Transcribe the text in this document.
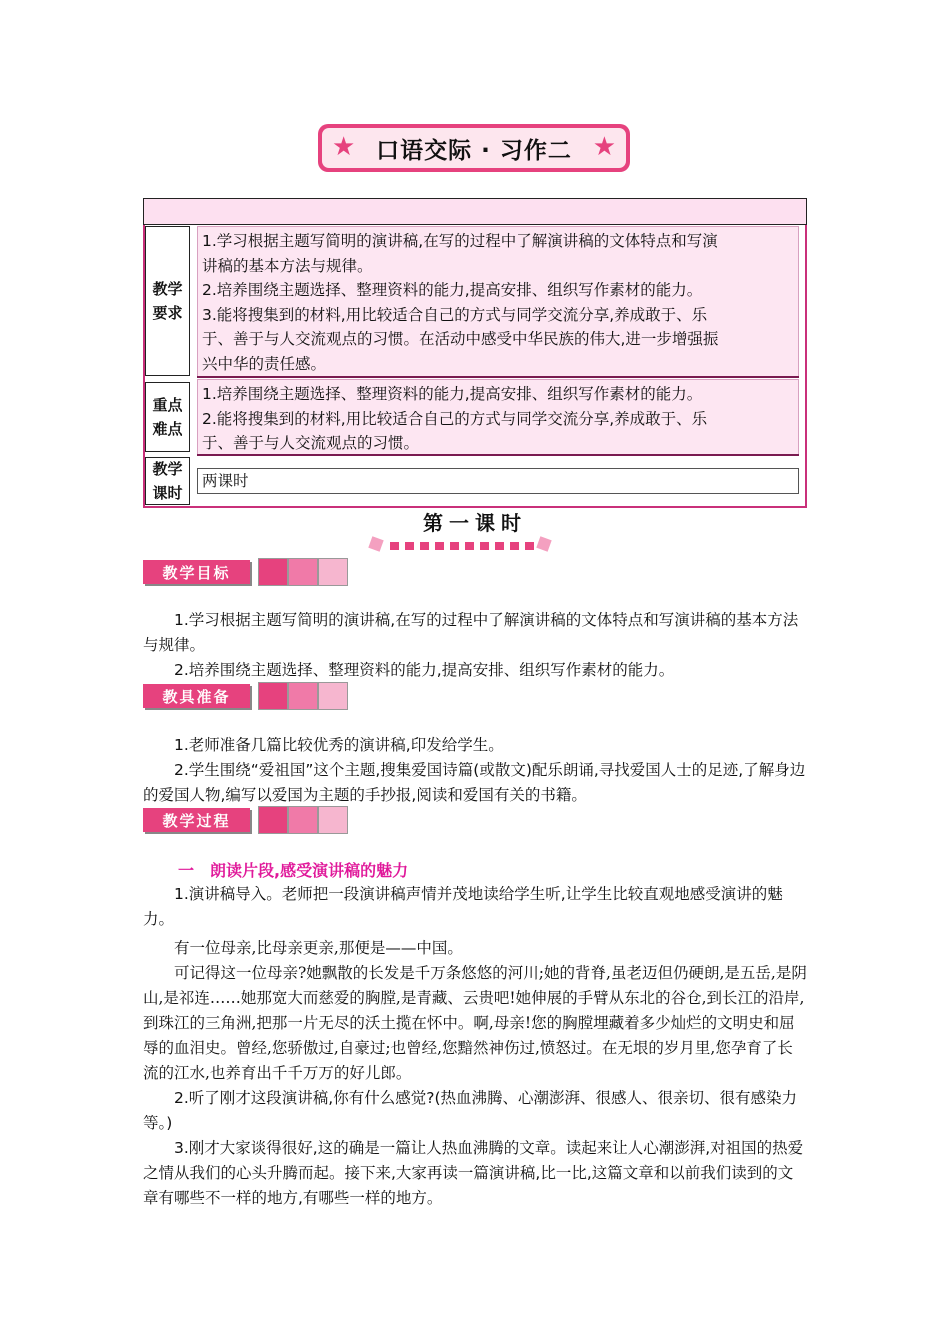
★ 口语交际 · 习作二 ★
教学
要求
1.学习根据主题写简明的演讲稿,在写的过程中了解演讲稿的文体特点和写演
讲稿的基本方法与规律。
2.培养围绕主题选择、整理资料的能力,提高安排、组织写作素材的能力。
3.能将搜集到的材料,用比较适合自己的方式与同学交流分享,养成敢于、乐
于、善于与人交流观点的习惯。在活动中感受中华民族的伟大,进一步增强振
兴中华的责任感。
重点
难点
1.培养围绕主题选择、整理资料的能力,提高安排、组织写作素材的能力。
2.能将搜集到的材料,用比较适合自己的方式与同学交流分享,养成敢于、乐
于、善于与人交流观点的习惯。
教学
课时
两课时
第一课时
教学目标

1.学习根据主题写简明的演讲稿,在写的过程中了解演讲稿的文体特点和写演讲稿的基本方法与规律。

2.培养围绕主题选择、整理资料的能力,提高安排、组织写作素材的能力。

教具准备

1.老师准备几篇比较优秀的演讲稿,印发给学生。

2.学生围绕“爱祖国”这个主题,搜集爱国诗篇(或散文)配乐朗诵,寻找爱国人士的足迹,了解身边的爱国人物,编写以爱国为主题的手抄报,阅读和爱国有关的书籍。

教学过程
一　朗读片段,感受演讲稿的魅力

1.演讲稿导入。老师把一段演讲稿声情并茂地读给学生听,让学生比较直观地感受演讲的魅力。

有一位母亲,比母亲更亲,那便是——中国。

可记得这一位母亲?她飘散的长发是千万条悠悠的河川;她的背脊,虽老迈但仍硬朗,是五岳,是阴山,是祁连……她那宽大而慈爱的胸膛,是青藏、云贵吧!她伸展的手臂从东北的谷仓,到长江的沿岸,到珠江的三角洲,把那一片无尽的沃土揽在怀中。啊,母亲!您的胸膛埋藏着多少灿烂的文明史和屈辱的血泪史。曾经,您骄傲过,自豪过;也曾经,您黯然神伤过,愤怒过。在无垠的岁月里,您孕育了长流的江水,也养育出千千万万的好儿郎。

2.听了刚才这段演讲稿,你有什么感觉?(热血沸腾、心潮澎湃、很感人、很亲切、很有感染力等。)

3.刚才大家谈得很好,这的确是一篇让人热血沸腾的文章。读起来让人心潮澎湃,对祖国的热爱之情从我们的心头升腾而起。接下来,大家再读一篇演讲稿,比一比,这篇文章和以前我们读到的文章有哪些不一样的地方,有哪些一样的地方。
